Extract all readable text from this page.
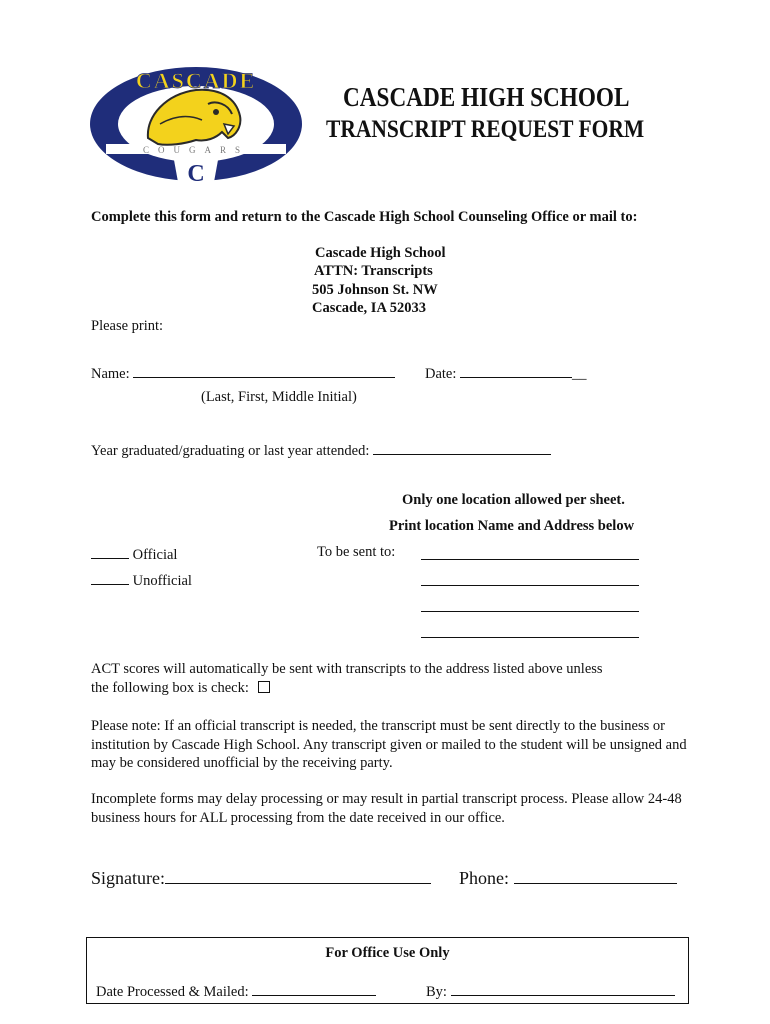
C
CASCADE
COUGARS
CASCADE HIGH SCHOOL
TRANSCRIPT REQUEST FORM
Complete this form and return to the Cascade High School Counseling Office or mail to:
Cascade High School
ATTN: Transcripts
505 Johnson St. NW
Cascade, IA 52033
Please print:
Name:	Date:	__
(Last, First, Middle Initial)
Year graduated/graduating or last year attended:
Only one location allowed per sheet.
Print location Name and Address below
Official	To be sent to:
Unofficial
ACT scores will automatically be sent with transcripts to the address listed above unless
the following box is check:
Please note: If an official transcript is needed, the transcript must be sent directly to the business or institution by Cascade High School. Any transcript given or mailed to the student will be unsigned and may be considered unofficial by the receiving party.
Incomplete forms may delay processing or may result in partial transcript process. Please allow 24-48 business hours for ALL processing from the date received in our office.
Signature:	Phone:
For Office Use Only
Date Processed & Mailed:	By:
